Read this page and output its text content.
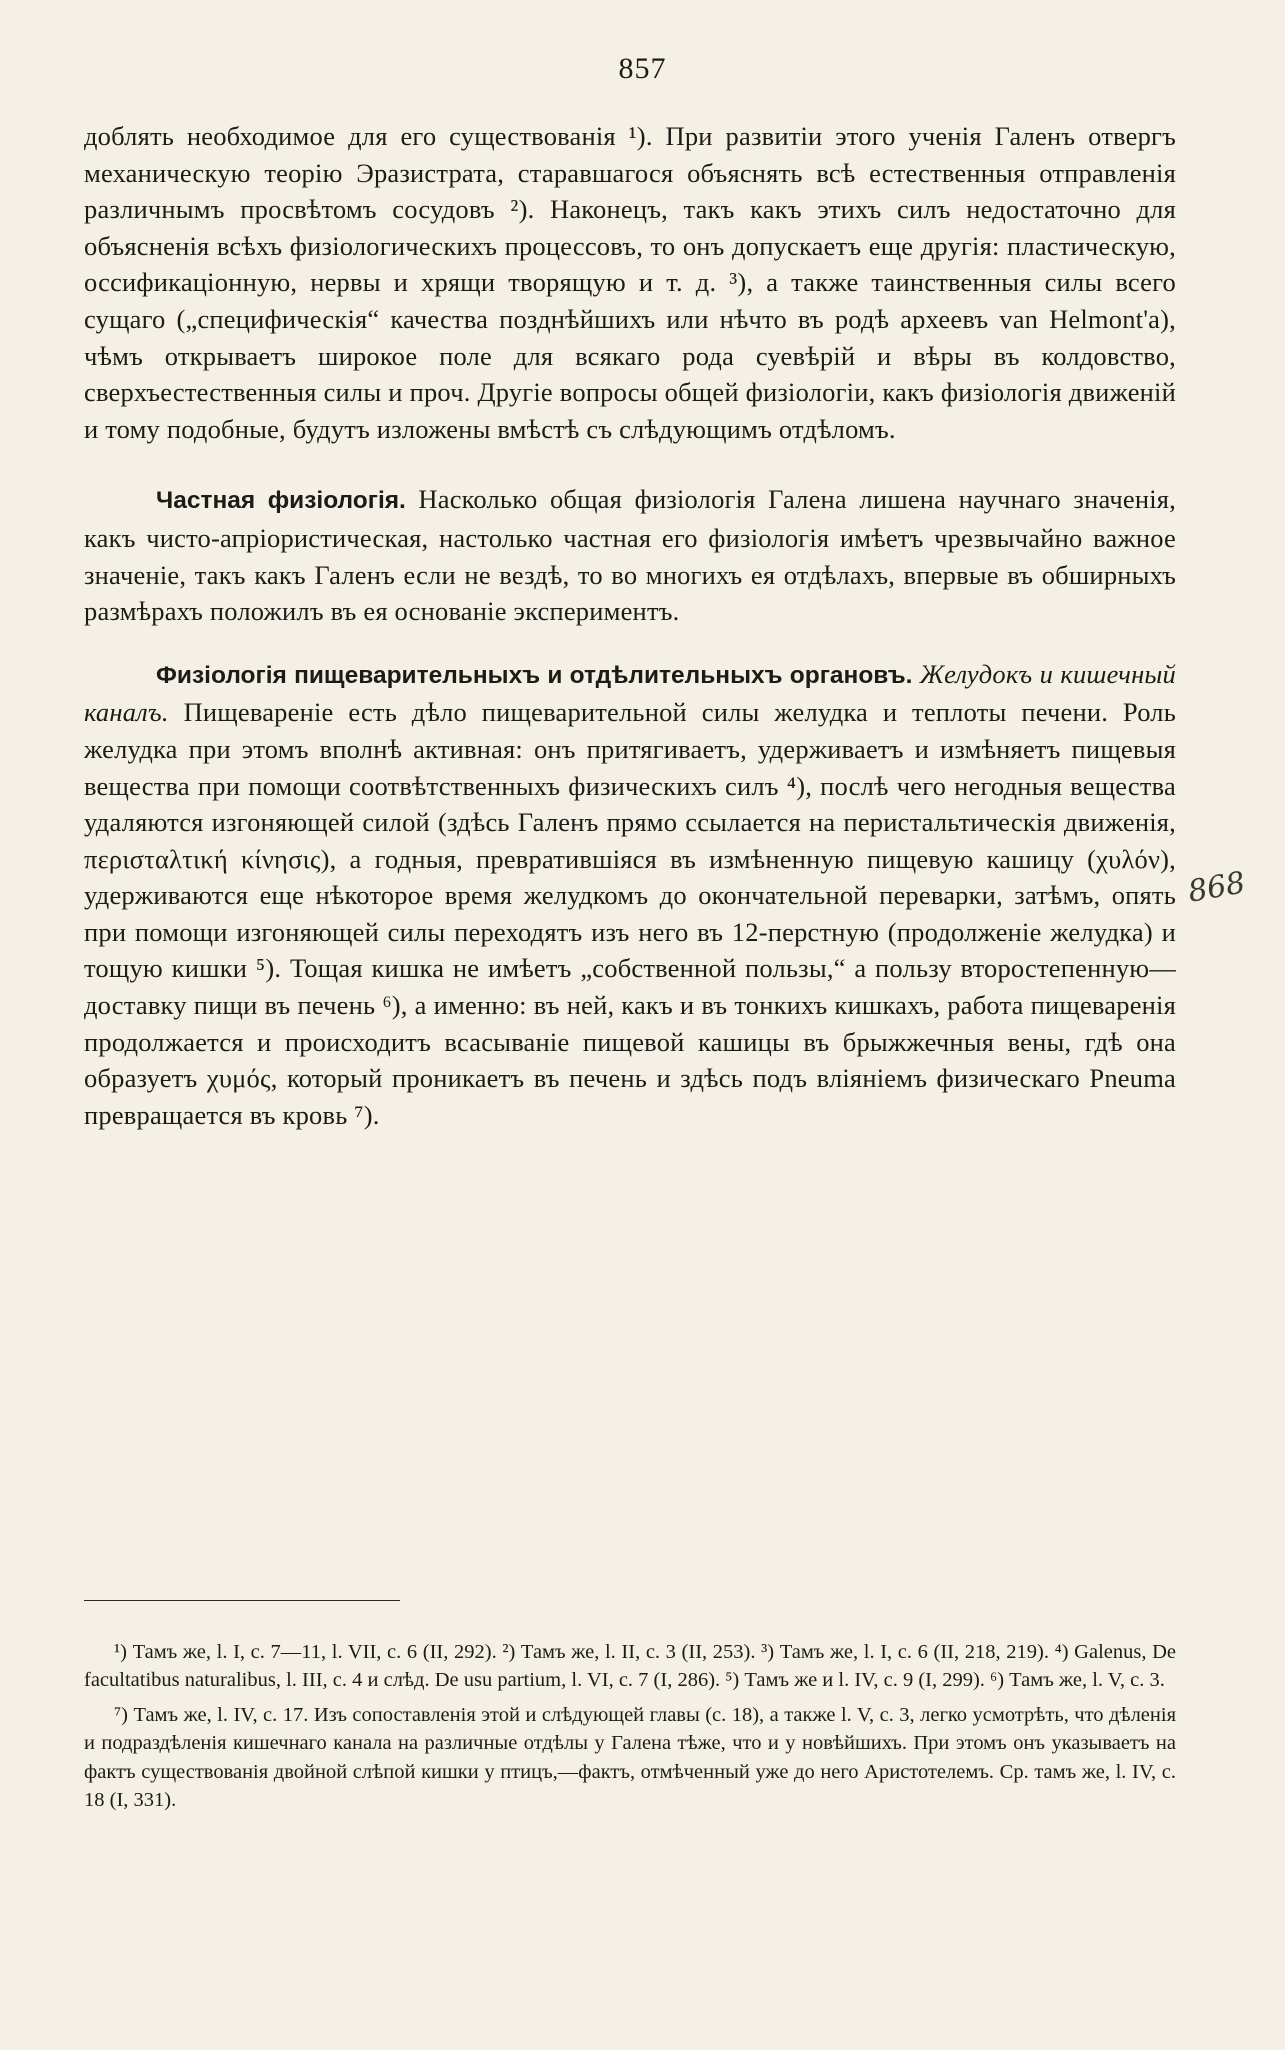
857

доблять необходимое для его существованія ¹). При развитіи этого ученія Галенъ отвергъ механическую теорію Эразистрата, старавшагося объяснять всѣ естественныя отправленія различнымъ просвѣтомъ сосудовъ ²). Наконецъ, такъ какъ этихъ силъ недостаточно для объясненія всѣхъ физіологическихъ процессовъ, то онъ допускаетъ еще другія: пластическую, оссификаціонную, нервы и хрящи творящую и т. д. ³), а также таинственныя силы всего сущаго („специфическія“ качества позднѣйшихъ или нѣчто въ родѣ археевъ van Helmont'a), чѣмъ открываетъ широкое поле для всякаго рода суевѣрій и вѣры въ колдовство, сверхъестественныя силы и проч. Другіе вопросы общей физіологіи, какъ физіологія движеній и тому подобные, будутъ изложены вмѣстѣ съ слѣдующимъ отдѣломъ.

Частная физіологія. Насколько общая физіологія Галена лишена научнаго значенія, какъ чисто-апріористическая, настолько частная его физіологія имѣетъ чрезвычайно важное значеніе, такъ какъ Галенъ если не вездѣ, то во многихъ ея отдѣлахъ, впервые въ обширныхъ размѣрахъ положилъ въ ея основаніе экспериментъ.

Физіологія пищеварительныхъ и отдѣлительныхъ органовъ. Желудокъ и кишечный каналъ. Пищевареніе есть дѣло пищеварительной силы желудка и теплоты печени. Роль желудка при этомъ вполнѣ активная: онъ притягиваетъ, удерживаетъ и измѣняетъ пищевыя вещества при помощи соотвѣтственныхъ физическихъ силъ ⁴), послѣ чего негодныя вещества удаляются изгоняющей силой (здѣсь Галенъ прямо ссылается на перистальтическія движенія, περισταλτική κίνησις), а годныя, превратившіяся въ измѣненную пищевую кашицу (χυλόν), удерживаются еще нѣкоторое время желудкомъ до окончательной переварки, затѣмъ, опять при помощи изгоняющей силы переходятъ изъ него въ 12-перстную (продолженіе желудка) и тощую кишки ⁵). Тощая кишка не имѣетъ „собственной пользы,“ а пользу второстепенную—доставку пищи въ печень ⁶), а именно: въ ней, какъ и въ тонкихъ кишкахъ, работа пищеваренія продолжается и происходитъ всасываніе пищевой кашицы въ брыжжечныя вены, гдѣ она образуетъ χυμός, который проникаетъ въ печень и здѣсь подъ вліяніемъ физическаго Pneuma превращается въ кровь ⁷).

868

¹) Тамъ же, l. I, c. 7—11, l. VII, c. 6 (II, 292). ²) Тамъ же, l. II, c. 3 (II, 253). ³) Тамъ же, l. I, c. 6 (II, 218, 219). ⁴) Galenus, De facultatibus naturalibus, l. III, c. 4 и слѣд. De usu partium, l. VI, c. 7 (I, 286). ⁵) Тамъ же и l. IV, c. 9 (I, 299). ⁶) Тамъ же, l. V, c. 3.

⁷) Тамъ же, l. IV, c. 17. Изъ сопоставленія этой и слѣдующей главы (с. 18), а также l. V, c. 3, легко усмотрѣть, что дѣленія и подраздѣленія кишечнаго канала на различные отдѣлы у Галена тѣже, что и у новѣйшихъ. При этомъ онъ указываетъ на фактъ существованія двойной слѣпой кишки у птицъ,—фактъ, отмѣченный уже до него Аристотелемъ. Ср. тамъ же, l. IV, c. 18 (I, 331).
